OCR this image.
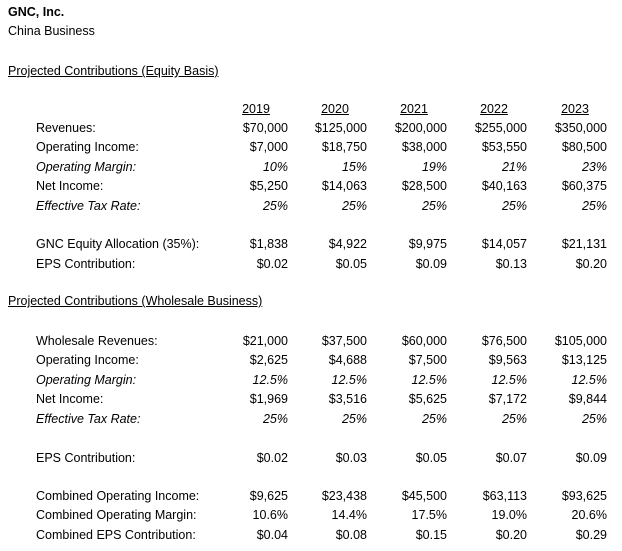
GNC, Inc.
China Business
Projected Contributions (Equity Basis)
2019	2020	2021	2022	2023
Revenues:	$70,000	$125,000	$200,000	$255,000	$350,000
Operating Income:	$7,000	$18,750	$38,000	$53,550	$80,500
Operating Margin:	10%	15%	19%	21%	23%
Net Income:	$5,250	$14,063	$28,500	$40,163	$60,375
Effective Tax Rate:	25%	25%	25%	25%	25%
GNC Equity Allocation (35%):	$1,838	$4,922	$9,975	$14,057	$21,131
EPS Contribution:	$0.02	$0.05	$0.09	$0.13	$0.20
Wholesale Revenues:	$21,000	$37,500	$60,000	$76,500	$105,000
Operating Income:	$2,625	$4,688	$7,500	$9,563	$13,125
Operating Margin:	12.5%	12.5%	12.5%	12.5%	12.5%
Net Income:	$1,969	$3,516	$5,625	$7,172	$9,844
Effective Tax Rate:	25%	25%	25%	25%	25%
EPS Contribution:	$0.02	$0.03	$0.05	$0.07	$0.09
Combined Operating Income:	$9,625	$23,438	$45,500	$63,113	$93,625
Combined Operating Margin:	10.6%	14.4%	17.5%	19.0%	20.6%
Combined EPS Contribution:	$0.04	$0.08	$0.15	$0.20	$0.29
Projected Contributions (Wholesale Business)
